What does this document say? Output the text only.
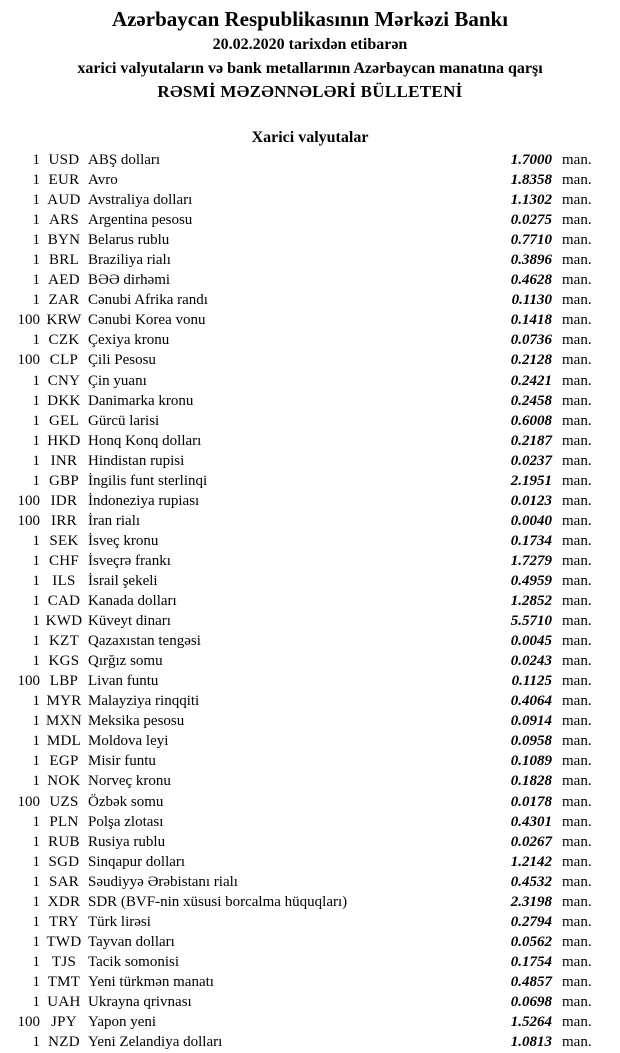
Azərbaycan Respublikasının Mərkəzi Bankı
20.02.2020 tarixdən etibarən
xarici valyutaların və bank metallarının Azərbaycan manatına qarşı
RƏSMİ MƏZƏNNƏLƏRİ BÜLLETENİ
Xarici valyutalar
1 USD ABŞ dolları	1.7000 man.
1 EUR Avro	1.8358 man.
1 AUD Avstraliya dolları	1.1302 man.
1 ARS Argentina pesosu	0.0275 man.
1 BYN Belarus rublu	0.7710 man.
1 BRL Braziliya rialı	0.3896 man.
1 AED BƏƏ dirhəmi	0.4628 man.
1 ZAR Cənubi Afrika randı	0.1130 man.
100 KRW Cənubi Korea vonu	0.1418 man.
1 CZK Çexiya kronu	0.0736 man.
100 CLP Çili Pesosu	0.2128 man.
1 CNY Çin yuanı	0.2421 man.
1 DKK Danimarka kronu	0.2458 man.
1 GEL Gürcü larisi	0.6008 man.
1 HKD Honq Konq dolları	0.2187 man.
1 INR Hindistan rupisi	0.0237 man.
1 GBP İngilis funt sterlinqi	2.1951 man.
100 IDR İndoneziya rupiası	0.0123 man.
100 IRR İran rialı	0.0040 man.
1 SEK İsveç kronu	0.1734 man.
1 CHF İsveçrə frankı	1.7279 man.
1 ILS İsrail şekeli	0.4959 man.
1 CAD Kanada dolları	1.2852 man.
1 KWD Küveyt dinarı	5.5710 man.
1 KZT Qazaxıstan tengəsi	0.0045 man.
1 KGS Qırğız somu	0.0243 man.
100 LBP Livan funtu	0.1125 man.
1 MYR Malayziya rinqqiti	0.4064 man.
1 MXN Meksika pesosu	0.0914 man.
1 MDL Moldova leyi	0.0958 man.
1 EGP Misir funtu	0.1089 man.
1 NOK Norveç kronu	0.1828 man.
100 UZS Özbək somu	0.0178 man.
1 PLN Polşa zlotası	0.4301 man.
1 RUB Rusiya rublu	0.0267 man.
1 SGD Sinqapur dolları	1.2142 man.
1 SAR Səudiyyə Ərəbistanı rialı	0.4532 man.
1 XDR SDR (BVF-nin xüsusi borcalma hüquqları)	2.3198 man.
1 TRY Türk lirəsi	0.2794 man.
1 TWD Tayvan dolları	0.0562 man.
1 TJS Tacik somonisi	0.1754 man.
1 TMT Yeni türkmən manatı	0.4857 man.
1 UAH Ukrayna qrivnası	0.0698 man.
100 JPY Yapon yeni	1.5264 man.
1 NZD Yeni Zelandiya dolları	1.0813 man.
